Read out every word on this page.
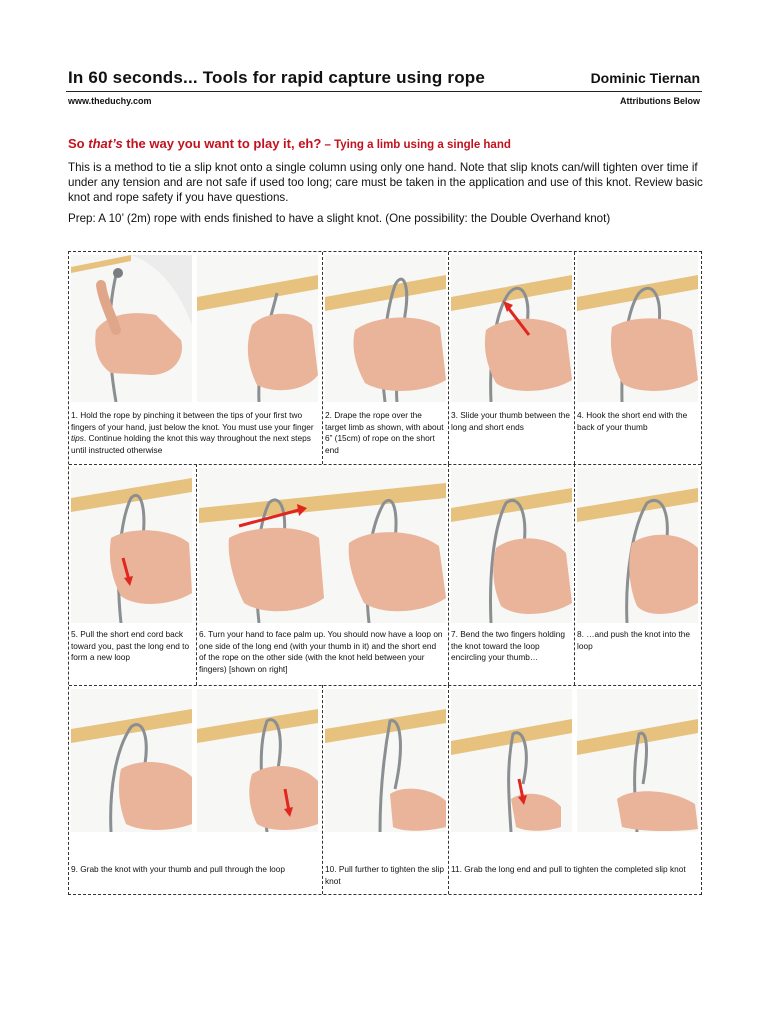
In 60 seconds... Tools for rapid capture using rope	Dominic Tiernan
www.theduchy.com	Attributions Below
So that’s the way you want to play it, eh? – Tying a limb using a single hand
This is a method to tie a slip knot onto a single column using only one hand. Note that slip knots can/will tighten over time if under any tension and are not safe if used too long; care must be taken in the application and use of this knot. Review basic knot and rope safety if you have questions.
Prep: A 10’ (2m) rope with ends finished to have a slight knot. (One possibility: the Double Overhand knot)
1. Hold the rope by pinching it between the tips of your first two fingers of your hand, just below the knot. You must use your finger tips. Continue holding the knot this way throughout the next steps until instructed otherwise
2. Drape the rope over the target limb as shown, with about 6” (15cm) of rope on the short end
3. Slide your thumb between the long and short ends
4. Hook the short end with the back of your thumb
5. Pull the short end cord back toward you, past the long end to form a new loop
6. Turn your hand to face palm up. You should now have a loop on one side of the long end (with your thumb in it) and the short end of the rope on the other side (with the knot held between your fingers) [shown on right]
7. Bend the two fingers holding the knot toward the loop encircling your thumb…
8. …and push the knot into the loop
9. Grab the knot with your thumb and pull through the loop	10. Pull further to tighten the slip knot
11. Grab the long end and pull to tighten the completed slip knot
